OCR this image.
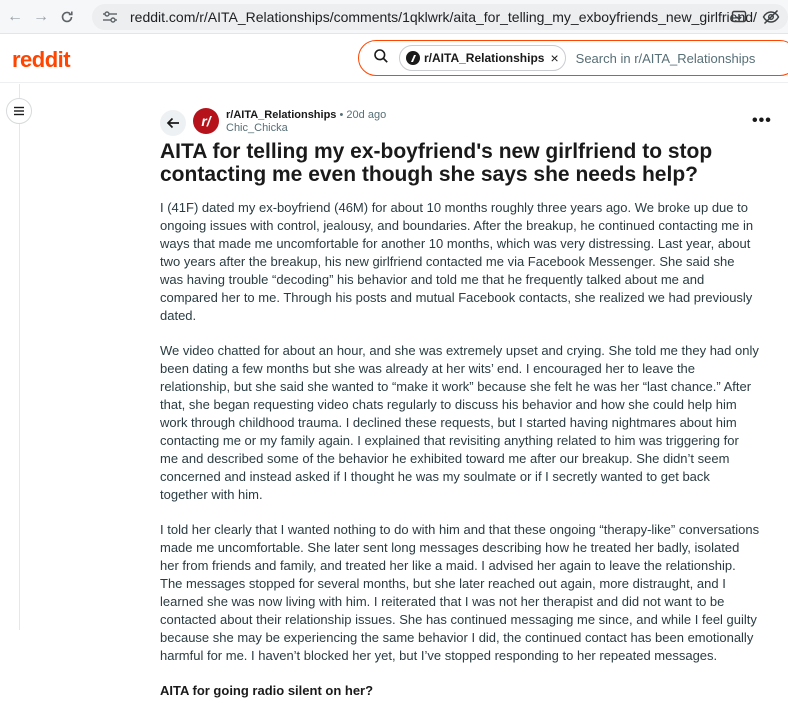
← →	reddit.com/r/AITA_Relationships/comments/1qklwrk/aita_for_telling_my_exboyfriends_new_girlfriend/
reddit	r/AITA_Relationships × Search in r/AITA_Relationships
r/	r/AITA_Relationships • 20d ago
Chic_Chicka	•••
AITA for telling my ex-boyfriend's new girlfriend to stop contacting me even though she says she needs help?

I (41F) dated my ex-boyfriend (46M) for about 10 months roughly three years ago. We broke up due to ongoing issues with control, jealousy, and boundaries. After the breakup, he continued contacting me in ways that made me uncomfortable for another 10 months, which was very distressing. Last year, about two years after the breakup, his new girlfriend contacted me via Facebook Messenger. She said she was having trouble “decoding” his behavior and told me that he frequently talked about me and compared her to me. Through his posts and mutual Facebook contacts, she realized we had previously dated.

We video chatted for about an hour, and she was extremely upset and crying. She told me they had only been dating a few months but she was already at her wits’ end. I encouraged her to leave the relationship, but she said she wanted to “make it work” because she felt he was her “last chance.” After that, she began requesting video chats regularly to discuss his behavior and how she could help him work through childhood trauma. I declined these requests, but I started having nightmares about him contacting me or my family again. I explained that revisiting anything related to him was triggering for me and described some of the behavior he exhibited toward me after our breakup. She didn’t seem concerned and instead asked if I thought he was my soulmate or if I secretly wanted to get back together with him.

I told her clearly that I wanted nothing to do with him and that these ongoing “therapy-like” conversations made me uncomfortable. She later sent long messages describing how he treated her badly, isolated her from friends and family, and treated her like a maid. I advised her again to leave the relationship. The messages stopped for several months, but she later reached out again, more distraught, and I learned she was now living with him. I reiterated that I was not her therapist and did not want to be contacted about their relationship issues. She has continued messaging me since, and while I feel guilty because she may be experiencing the same behavior I did, the continued contact has been emotionally harmful for me. I haven’t blocked her yet, but I’ve stopped responding to her repeated messages.

AITA for going radio silent on her?
